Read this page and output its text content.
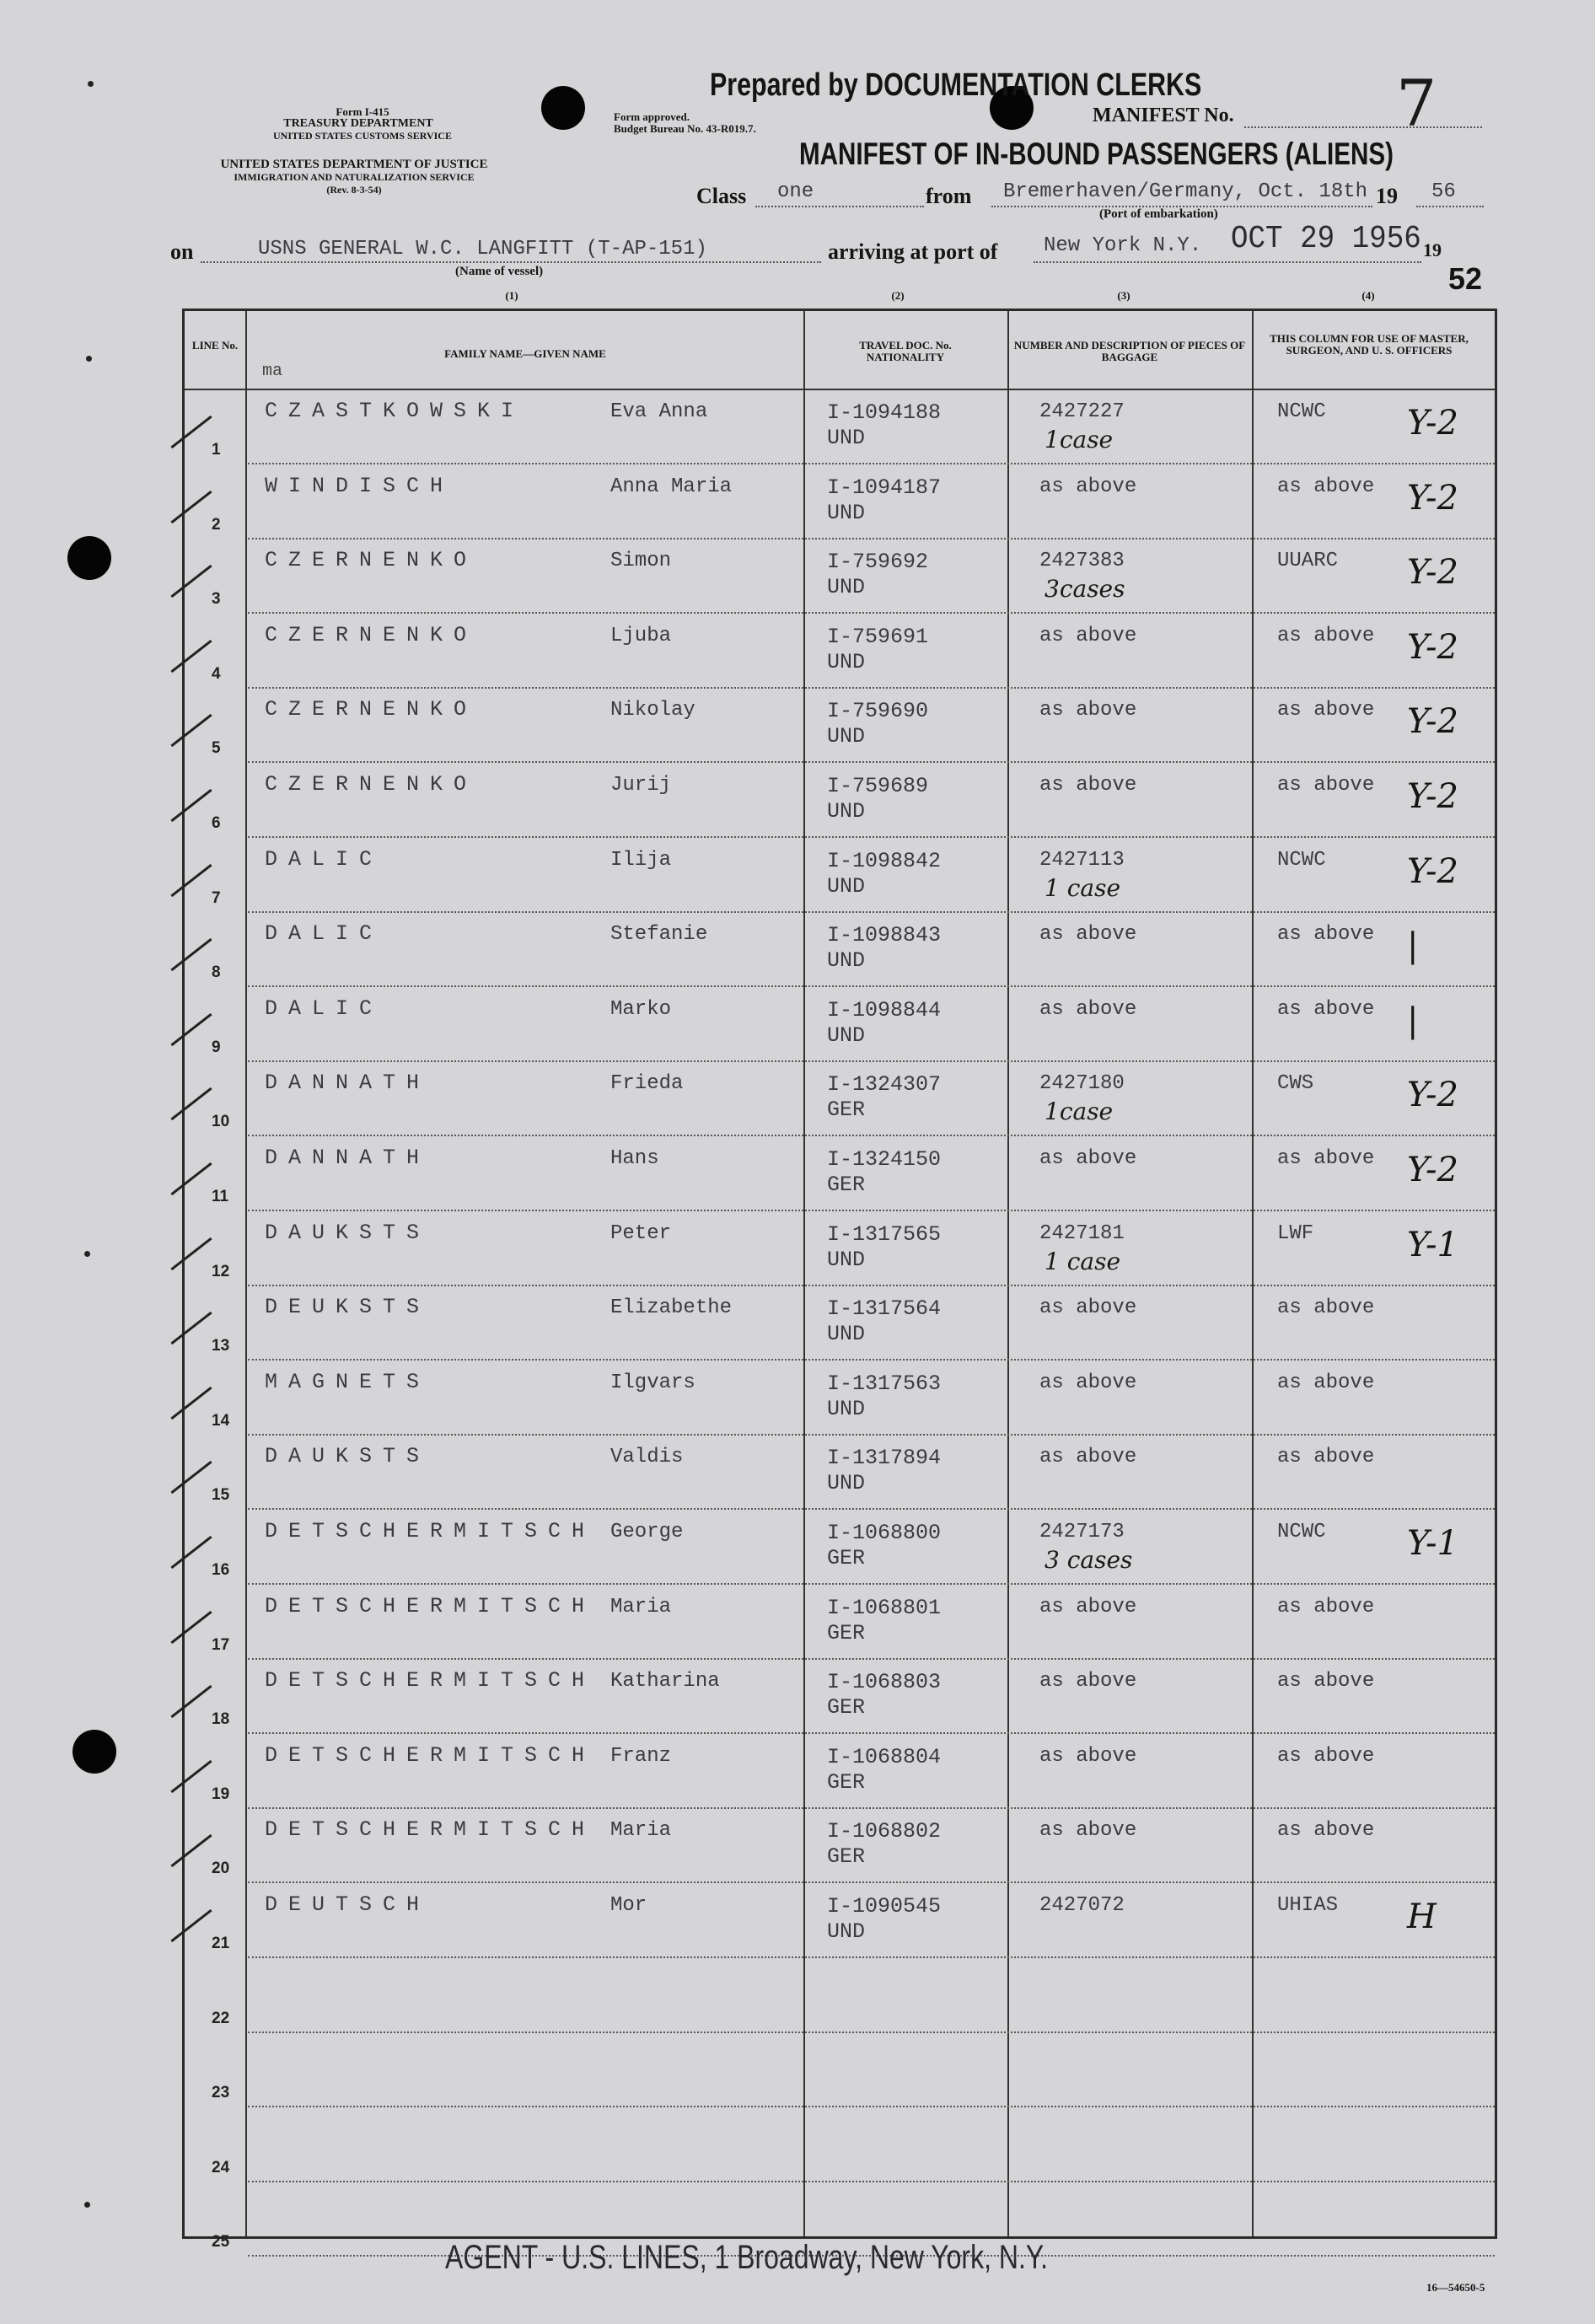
Prepared by DOCUMENTATION CLERKS
Form I-415
TREASURY DEPARTMENT
UNITED STATES CUSTOMS SERVICE
UNITED STATES DEPARTMENT OF JUSTICE
IMMIGRATION AND NATURALIZATION SERVICE
(Rev. 8-3-54)
Form approved.
Budget Bureau No. 43-R019.7.
MANIFEST No.	7
MANIFEST OF IN-BOUND PASSENGERS (ALIENS)
Class one	from Bremerhaven/Germany, Oct. 18th 19 56
(Port of embarkation)
on	USNS GENERAL W.C. LANGFITT (T-AP-151)
(Name of vessel)
arriving at port of New York N.Y. OCT 29 1956 19
52
(1)	(2)	(3)	(4)
LINE No.
FAMILY NAME—GIVEN NAME
ma
TRAVEL DOC. No. NATIONALITY
NUMBER AND DESCRIPTION OF PIECES OF BAGGAGE
THIS COLUMN FOR USE OF MASTER, SURGEON, AND U. S. OFFICERS
1
CZASTKOWSKI	Eva Anna	I-1094188
UND
2427227
1case
NCWC Y-2
2
WINDISCH	Anna Maria	I-1094187
UND
as above	as above Y-2
3
CZERNENKO	Simon	I-759692
UND
2427383
3cases
UUARC Y-2
4
CZERNENKO	Ljuba	I-759691
UND
as above	as above Y-2
5
CZERNENKO	Nikolay	I-759690
UND
as above	as above Y-2
6
CZERNENKO	Jurij	I-759689
UND
as above	as above Y-2
7
DALIC	Ilija	I-1098842
UND
2427113
1 case
NCWC Y-2
8
DALIC	Stefanie	I-1098843
UND
as above	as above |
9
DALIC	Marko	I-1098844
UND
as above	as above |
10
DANNATH	Frieda	I-1324307
GER
2427180
1case
CWS	Y-2
11
DANNATH	Hans	I-1324150
GER
as above	as above Y-2
12
DAUKSTS	Peter	I-1317565
UND
2427181
1 case
LWF	Y-1
13
DEUKSTS	Elizabethe	I-1317564
UND
as above	as above
14
MAGNETS	Ilgvars	I-1317563
UND
as above	as above
15
DAUKSTS	Valdis	I-1317894
UND
as above	as above
16
DETSCHERMITSCH George	I-1068800
GER
2427173
3 cases
NCWC Y-1
17
DETSCHERMITSCH Maria	I-1068801
GER
as above	as above
18
DETSCHERMITSCH Katharina	I-1068803
GER
as above	as above
19
DETSCHERMITSCH Franz	I-1068804
GER
as above	as above
20
DETSCHERMITSCH Maria	I-1068802
GER
as above	as above
21
DEUTSCH	Mor	I-1090545
UND
2427072	UHIAS H
22

23

24

25	AGENT - U.S. LINES, 1 Broadway, New York, N.Y.
16—54650-5
